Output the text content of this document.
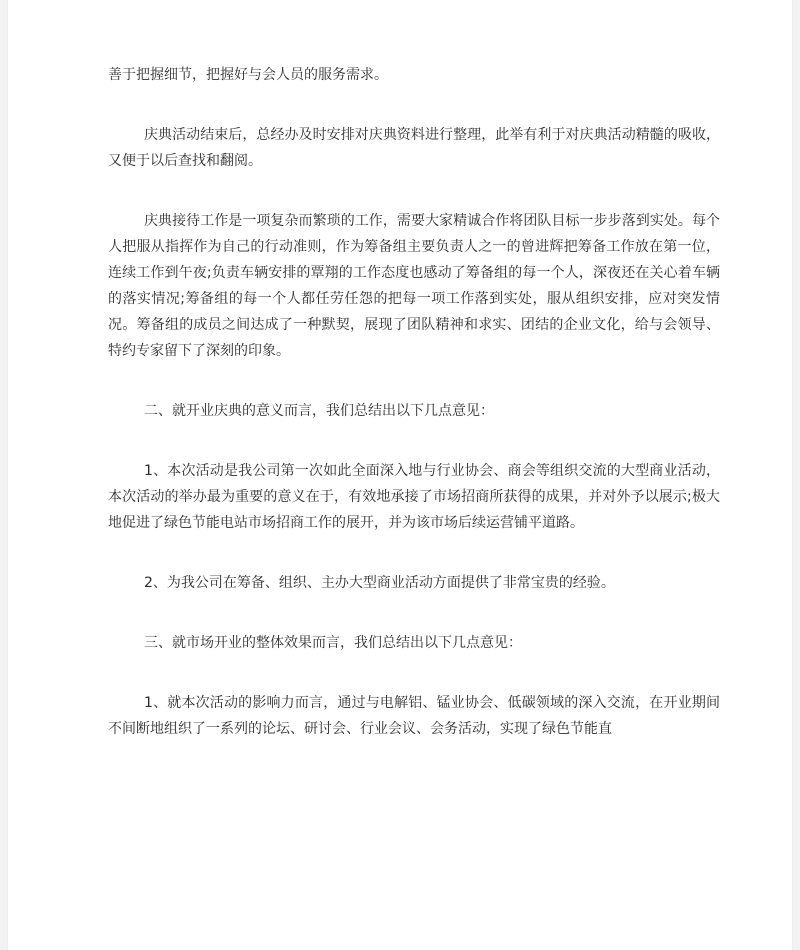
善于把握细节，把握好与会人员的服务需求。

庆典活动结束后，总经办及时安排对庆典资料进行整理，此举有利于对庆典活动精髓的吸收，又便于以后查找和翻阅。

庆典接待工作是一项复杂而繁琐的工作，需要大家精诚合作将团队目标一步步落到实处。每个人把服从指挥作为自己的行动准则，作为筹备组主要负责人之一的曾进辉把筹备工作放在第一位，连续工作到午夜;负责车辆安排的覃翔的工作态度也感动了筹备组的每一个人，深夜还在关心着车辆的落实情况;筹备组的每一个人都任劳任怨的把每一项工作落到实处，服从组织安排，应对突发情况。筹备组的成员之间达成了一种默契，展现了团队精神和求实、团结的企业文化，给与会领导、特约专家留下了深刻的印象。

二、就开业庆典的意义而言，我们总结出以下几点意见：

1、本次活动是我公司第一次如此全面深入地与行业协会、商会等组织交流的大型商业活动，本次活动的举办最为重要的意义在于，有效地承接了市场招商所获得的成果，并对外予以展示;极大地促进了绿色节能电站市场招商工作的展开，并为该市场后续运营铺平道路。

2、为我公司在筹备、组织、主办大型商业活动方面提供了非常宝贵的经验。

三、就市场开业的整体效果而言，我们总结出以下几点意见：

1、就本次活动的影响力而言，通过与电解铝、锰业协会、低碳领域的深入交流，在开业期间不间断地组织了一系列的论坛、研讨会、行业会议、会务活动，实现了绿色节能直
